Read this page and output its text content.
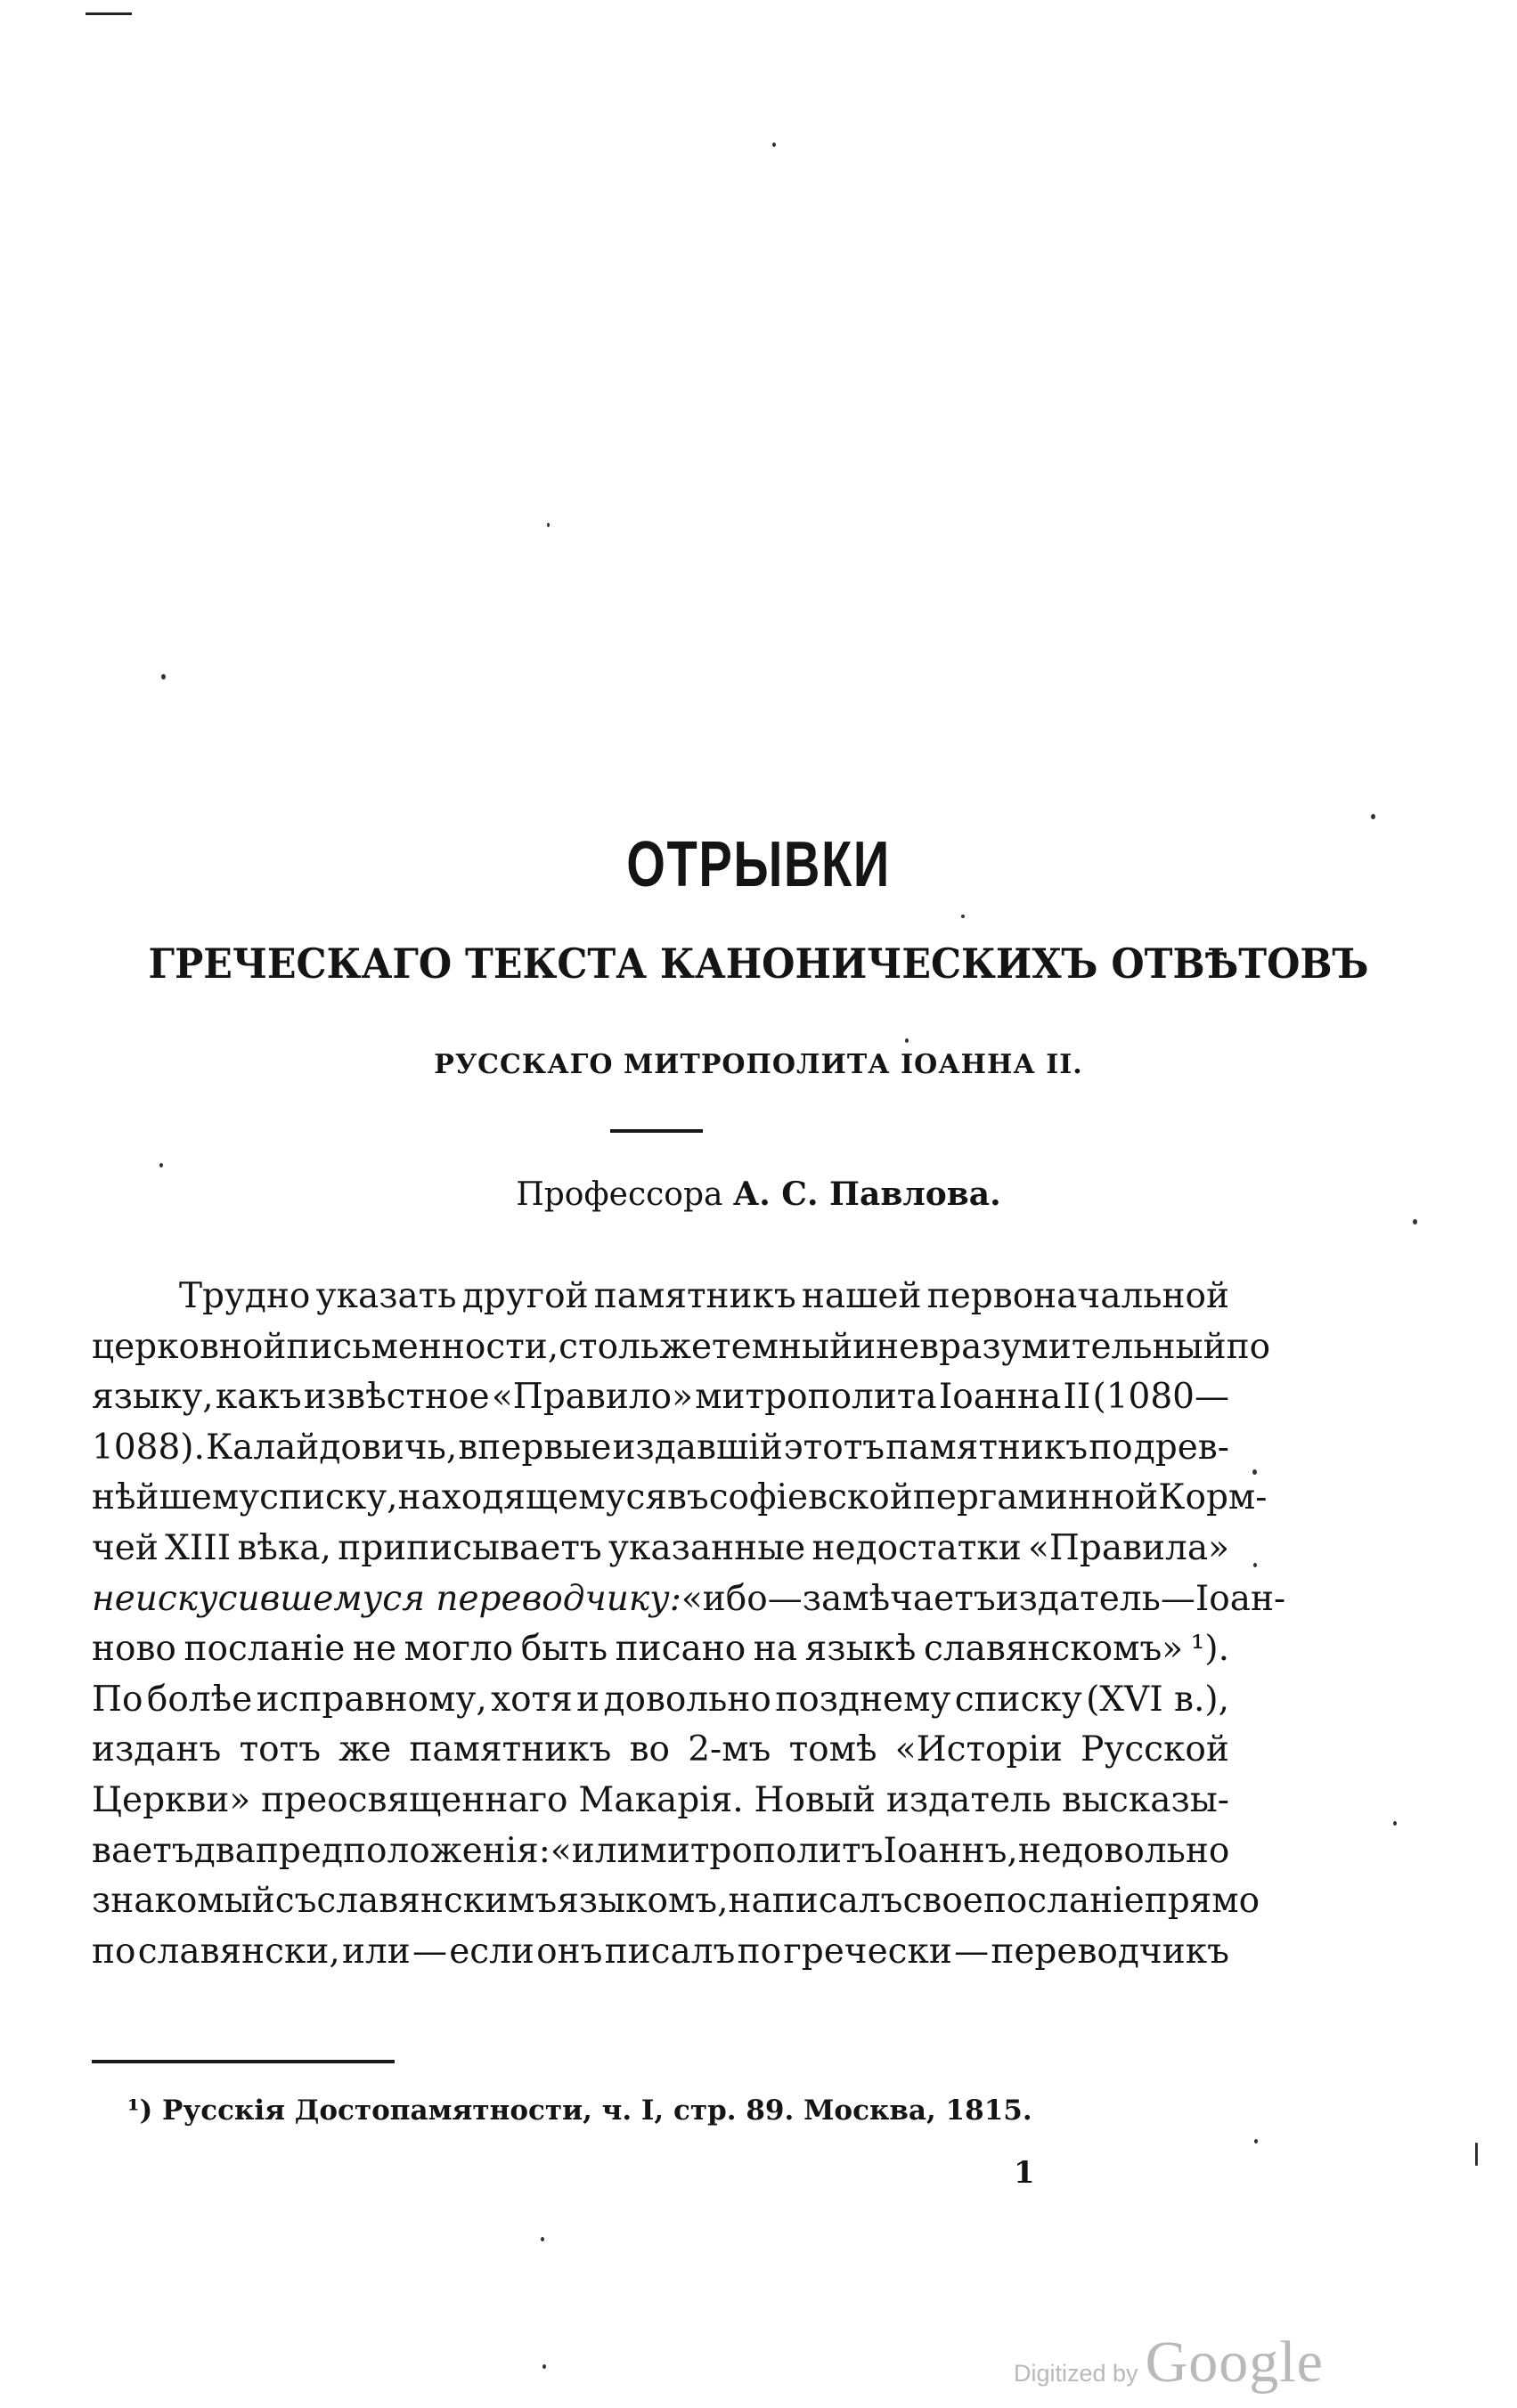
ОТРЫВКИ
ГРЕЧЕСКАГО ТЕКСТА КАНОНИЧЕСКИХЪ ОТВѢТОВЪ
РУССКАГО МИТРОПОЛИТА IОАННА II.

Профессора А. С. Павлова.

Трудно указать другой памятникъ нашей первоначальной
церковной письменности, столь же темный и не вразумительный по
языку, какъ извѣстное «Правило» митрополита Iоанна II (1080—
1088). Калайдовичь, впервые издавшій этотъ памятникъ по древ-
нѣйшему списку, находящемуся въ софiевской пергаминной Корм-
чей XIII вѣка, приписываетъ указанные недостатки «Правила»
неискусившемуся переводчику: «ибо — замѣчаетъ издатель — Iоан-
ново посланіе не могло быть писано на языкѣ славянскомъ» ¹).
По болѣе исправному, хотя и довольно позднему списку (XVI в.),
изданъ тотъ же памятникъ во 2-мъ томѣ «Исторіи Русской
Церкви» преосвященнаго Макарія. Новый издатель высказы-
ваетъ два предположенія: «или митрополитъ Iоаннъ, не довольно
знакомый съ славянскимъ языкомъ, написалъ свое посланіе прямо
по славянски, или — если онъ писалъ по гречески — переводчикъ

¹) Русскія Достопамятности, ч. I, стр. 89. Москва, 1815.

1

Digitized by Google
